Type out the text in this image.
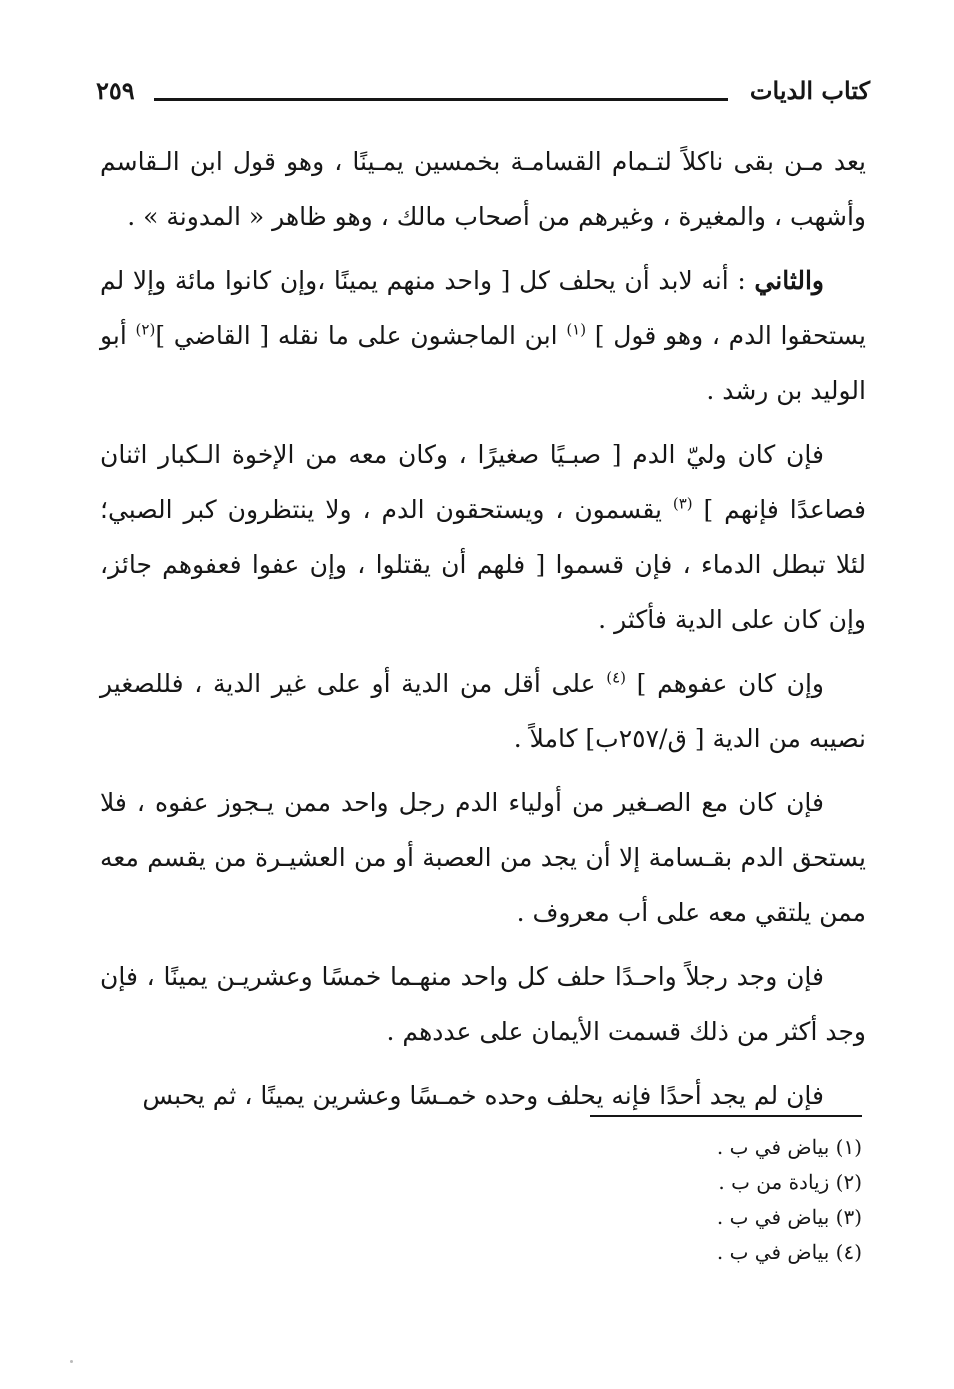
كتاب الديات
٢٥٩

يعد مـن بقى ناكلاً لتـمام القسامـة بخمسين يمـينًا ، وهو قول ابن الـقاسم وأشهب ، والمغيرة ، وغيرهم من أصحاب مالك ، وهو ظاهر « المدونة » .

والثاني : أنه لابد أن يحلف كل [ واحد منهم يمينًا ،وإن كانوا مائة وإلا لم يستحقوا الدم ، وهو قول ] $^{(١)}$ ابن الماجشون على ما نقله [ القاضي ]$^{(٢)}$ أبو الوليد بن رشد .

فإن كان وليّ الدم [ صبـيًا صغيرًا ، وكان معه من الإخوة الـكبار اثنان فصاعدًا فإنهم ] $^{(٣)}$ يقسمون ، ويستحقون الدم ، ولا ينتظرون كبر الصبي؛ لئلا تبطل الدماء ، فإن قسموا [ فلهم أن يقتلوا ، وإن عفوا فعفوهم جائز، وإن كان على الدية فأكثر .

وإن كان عفوهم ] $^{(٤)}$ على أقل من الدية أو على غير الدية ، فللصغير نصيبه من الدية [ ق/٢٥٧ب] كاملاً .

فإن كان مع الصـغير من أولياء الدم رجل واحد ممن يـجوز عفوه ، فلا يستحق الدم بقـسامة إلا أن يجد من العصبة أو من العشيـرة من يقسم معه ممن يلتقي معه على أب معروف .

فإن وجد رجلاً واحـدًا حلف كل واحد منهـما خمسًا وعشريـن يمينًا ، فإن وجد أكثر من ذلك قسمت الأيمان على عددهم .

فإن لم يجد أحدًا فإنه يحلف وحده خمـسًا وعشرين يمينًا ، ثم يحبس

(١) بياض في ب .
(٢) زيادة من ب .
(٣) بياض في ب .
(٤) بياض في ب .
